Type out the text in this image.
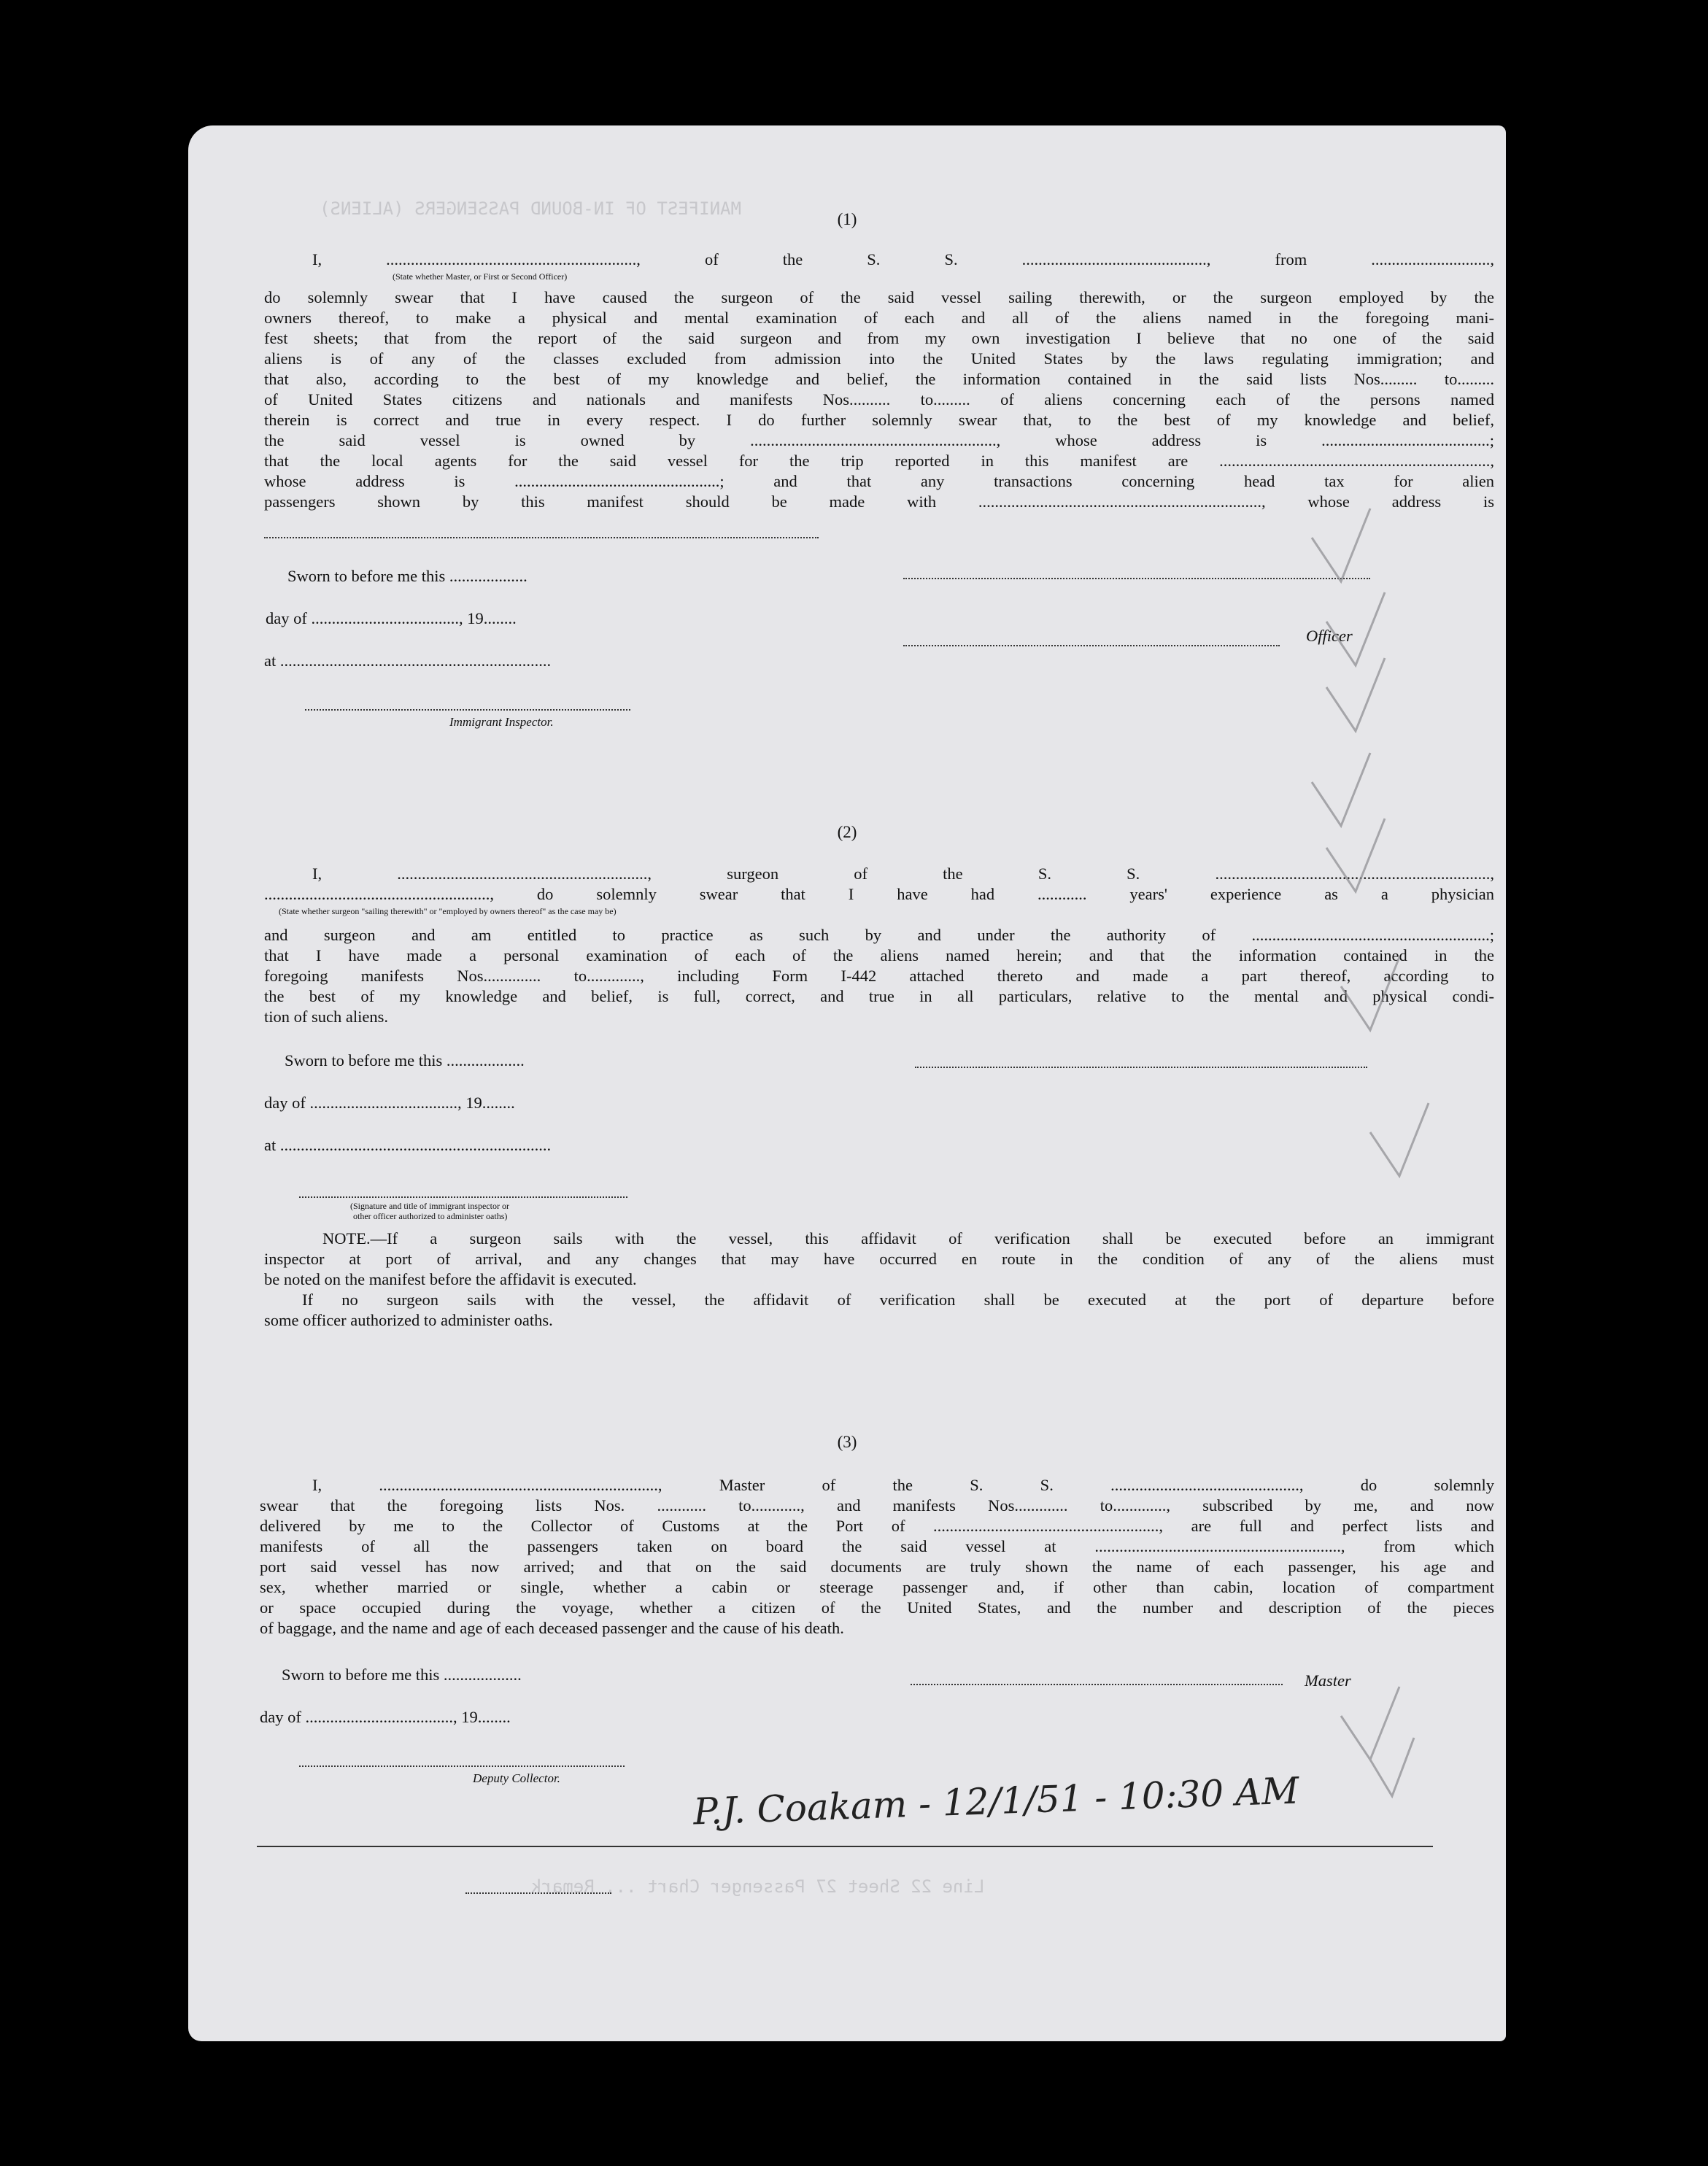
MANIFEST OF IN-BOUND PASSENGERS (ALIENS)
Line 22 Sheet 27 Passenger Chart ... Remark
(1)
I, ............................................................., of the S. S. ............................................., from .............................,
(State whether Master, or First or Second Officer)
do solemnly swear that I have caused the surgeon of the said vessel sailing therewith, or the surgeon employed by the
owners thereof, to make a physical and mental examination of each and all of the aliens named in the foregoing mani-
fest sheets; that from the report of the said surgeon and from my own investigation I believe that no one of the said
aliens is of any of the classes excluded from admission into the United States by the laws regulating immigration; and
that also, according to the best of my knowledge and belief, the information contained in the said lists Nos......... to.........
of United States citizens and nationals and manifests Nos.......... to......... of aliens concerning each of the persons named
therein is correct and true in every respect. I do further solemnly swear that, to the best of my knowledge and belief,
the said vessel is owned by ............................................................, whose address is .........................................;
that the local agents for the said vessel for the trip reported in this manifest are ..................................................................,
whose address is ..................................................; and that any transactions concerning head tax for alien
passengers shown by this manifest should be made with ....................................................................., whose address is
Sworn to before me this ...................
day of ...................................., 19........
at ..................................................................
Immigrant Inspector.
Officer
(2)
I, ............................................................., surgeon of the S. S. ...................................................................,
......................................................., do solemnly swear that I have had ............ years' experience as a physician
(State whether surgeon "sailing therewith" or "employed by owners thereof" as the case may be)
and surgeon and am entitled to practice as such by and under the authority of ..........................................................;
that I have made a personal examination of each of the aliens named herein; and that the information contained in the
foregoing manifests Nos.............. to............., including Form I-442 attached thereto and made a part thereof, according to
the best of my knowledge and belief, is full, correct, and true in all particulars, relative to the mental and physical condi-
tion of such aliens.
Sworn to before me this ...................
day of ...................................., 19........
at ..................................................................
(Signature and title of immigrant inspector or
other officer authorized to administer oaths)
NOTE.—If a surgeon sails with the vessel, this affidavit of verification shall be executed before an immigrant
inspector at port of arrival, and any changes that may have occurred en route in the condition of any of the aliens must
be noted on the manifest before the affidavit is executed.
If no surgeon sails with the vessel, the affidavit of verification shall be executed at the port of departure before
some officer authorized to administer oaths.
(3)
I, ...................................................................., Master of the S. S. .............................................., do solemnly
swear that the foregoing lists Nos. ............ to............, and manifests Nos............. to............., subscribed by me, and now
delivered by me to the Collector of Customs at the Port of ......................................................., are full and perfect lists and
manifests of all the passengers taken on board the said vessel at ............................................................, from which
port said vessel has now arrived; and that on the said documents are truly shown the name of each passenger, his age and
sex, whether married or single, whether a cabin or steerage passenger and, if other than cabin, location of compartment
or space occupied during the voyage, whether a citizen of the United States, and the number and description of the pieces
of baggage, and the name and age of each deceased passenger and the cause of his death.
Sworn to before me this ...................
day of ...................................., 19........
Deputy Collector.
Master
P.J. Coakam - 12/1/51 - 10:30 AM
